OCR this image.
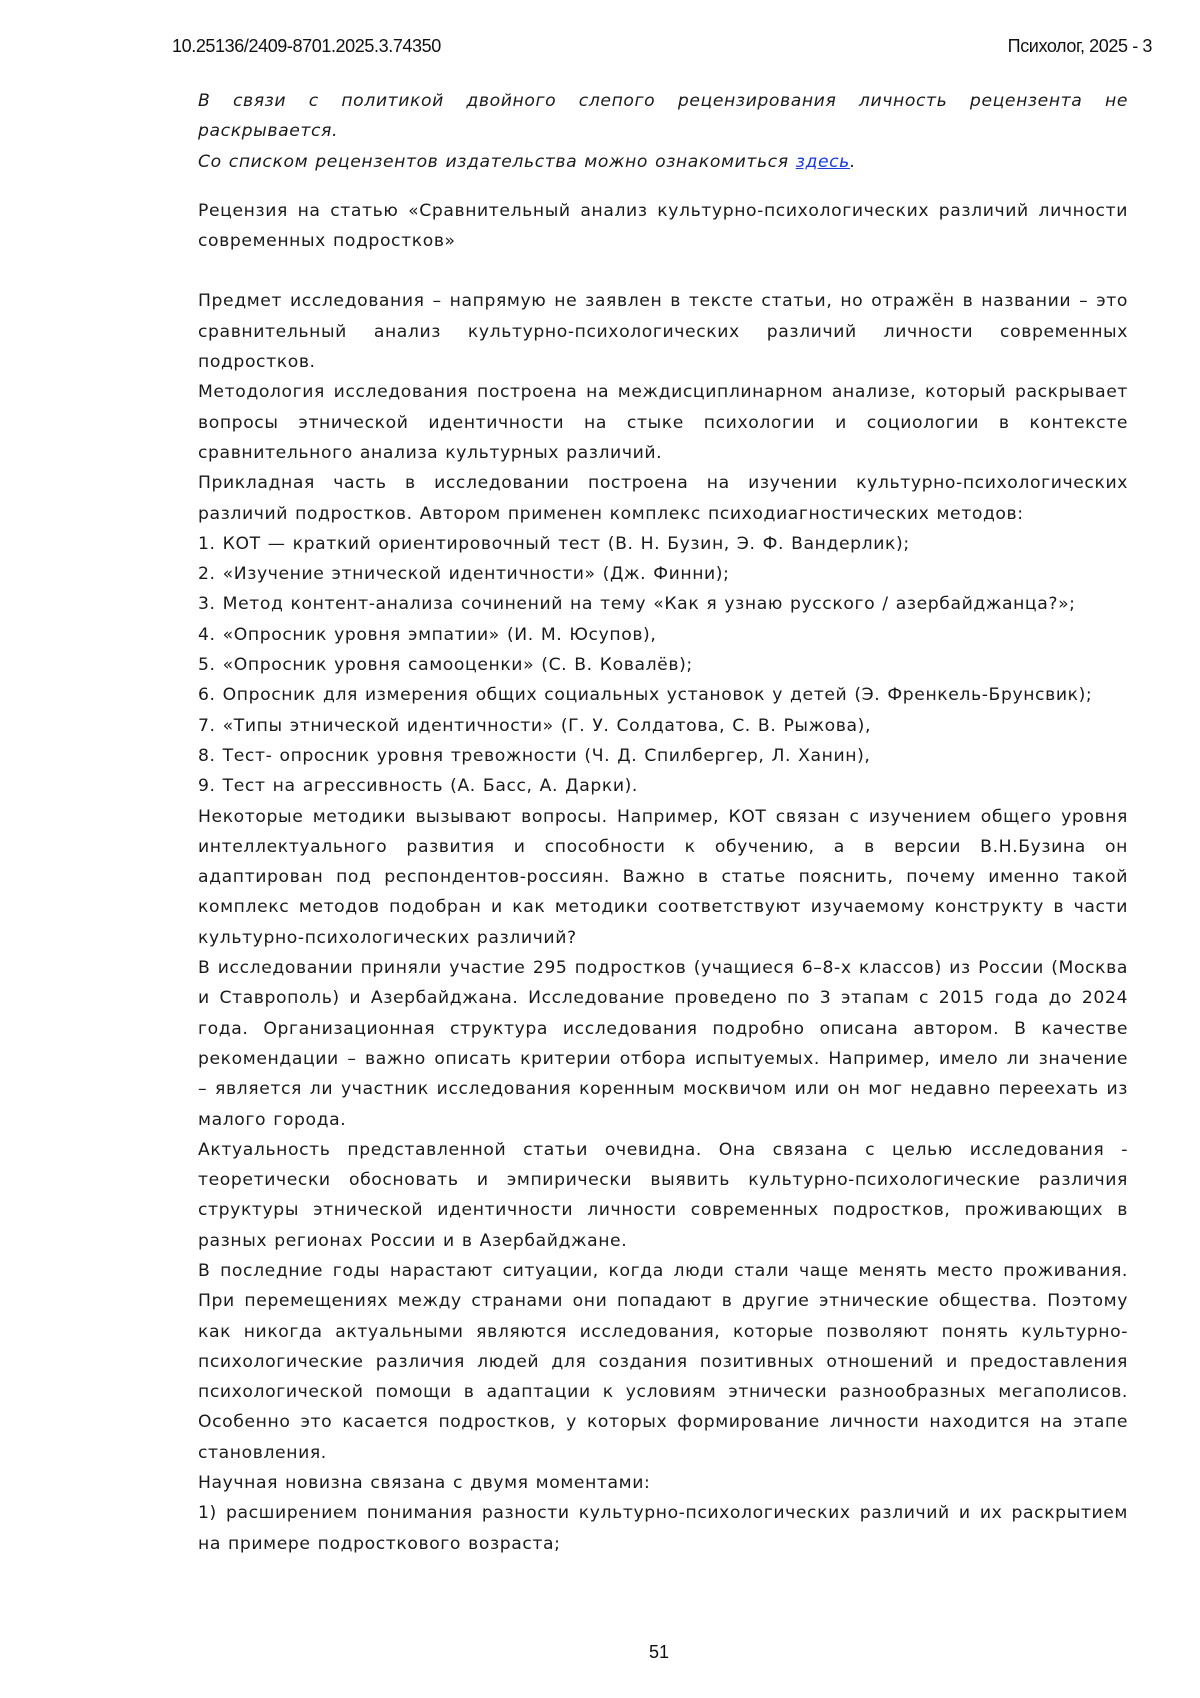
10.25136/2409-8701.2025.3.74350	Психолог, 2025 - 3

В связи с политикой двойного слепого рецензирования личность рецензента не раскрывается.

Со списком рецензентов издательства можно ознакомиться здесь.

Рецензия на статью «Сравнительный анализ культурно-психологических различий личности современных подростков»

Предмет исследования – напрямую не заявлен в тексте статьи, но отражён в названии – это сравнительный анализ культурно-психологических различий личности современных подростков.

Методология исследования построена на междисциплинарном анализе, который раскрывает вопросы этнической идентичности на стыке психологии и социологии в контексте сравнительного анализа культурных различий.

Прикладная часть в исследовании построена на изучении культурно-психологических различий подростков. Автором применен комплекс психодиагностических методов:

1. КОТ — краткий ориентировочный тест (В. Н. Бузин, Э. Ф. Вандерлик);

2. «Изучение этнической идентичности» (Дж. Финни);

3. Метод контент-анализа сочинений на тему «Как я узнаю русского / азербайджанца?»;

4. «Опросник уровня эмпатии» (И. М. Юсупов),

5. «Опросник уровня самооценки» (С. В. Ковалёв);

6. Опросник для измерения общих социальных установок у детей (Э. Френкель-Брунсвик);

7. «Типы этнической идентичности» (Г. У. Солдатова, С. В. Рыжова),

8. Тест- опросник уровня тревожности (Ч. Д. Спилбергер, Л. Ханин),

9. Тест на агрессивность (А. Басс, А. Дарки).

Некоторые методики вызывают вопросы. Например, КОТ связан с изучением общего уровня интеллектуального развития и способности к обучению, а в версии В.Н.Бузина он адаптирован под респондентов-россиян. Важно в статье пояснить, почему именно такой комплекс методов подобран и как методики соответствуют изучаемому конструкту в части культурно-психологических различий?

В исследовании приняли участие 295 подростков (учащиеся 6–8-х классов) из России (Москва и Ставрополь) и Азербайджана. Исследование проведено по 3 этапам с 2015 года до 2024 года. Организационная структура исследования подробно описана автором. В качестве рекомендации – важно описать критерии отбора испытуемых. Например, имело ли значение – является ли участник исследования коренным москвичом или он мог недавно переехать из малого города.

Актуальность представленной статьи очевидна. Она связана с целью исследования - теоретически обосновать и эмпирически выявить культурно-психологические различия структуры этнической идентичности личности современных подростков, проживающих в разных регионах России и в Азербайджане.

В последние годы нарастают ситуации, когда люди стали чаще менять место проживания. При перемещениях между странами они попадают в другие этнические общества. Поэтому как никогда актуальными являются исследования, которые позволяют понять культурно-психологические различия людей для создания позитивных отношений и предоставления психологической помощи в адаптации к условиям этнически разнообразных мегаполисов. Особенно это касается подростков, у которых формирование личности находится на этапе становления.

Научная новизна связана с двумя моментами:

1) расширением понимания разности культурно-психологических различий и их раскрытием на примере подросткового возраста;

51
